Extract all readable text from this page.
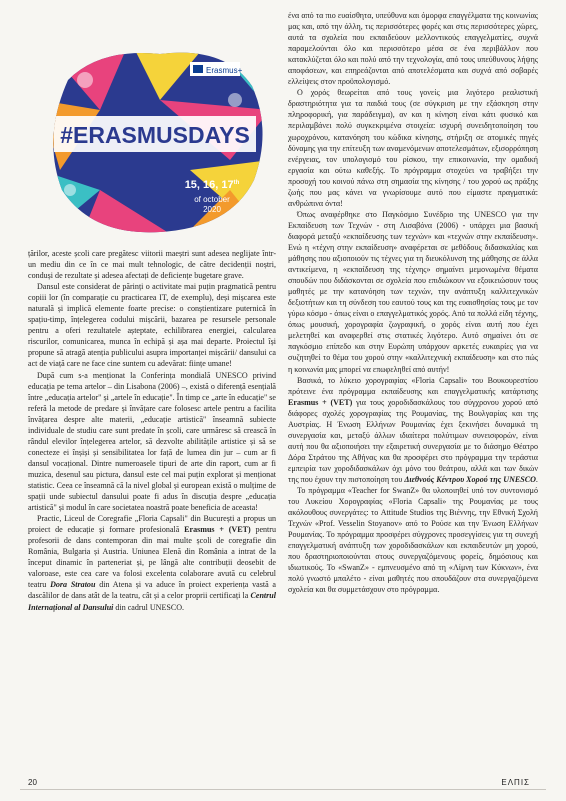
Erasmus+
#ERASMUSDAYS
15, 16, 17th
of october
2020

țărilor, aceste școli care pregătesc viitorii maeștri sunt adesea neglijate într-un mediu din ce în ce mai mult tehnologic, de către decidenții noștri, conduși de rezultate și adesea afectați de deficiențe bugetare grave.

Dansul este considerat de părinți o activitate mai puțin pragmatică pentru copiii lor (în comparație cu practicarea IT, de exemplu), deși mișcarea este naturală și implică elemente foarte precise: o conștientizare puternică în spațiu-timp, înțelegerea codului mișcării, bazarea pe resursele personale pentru a oferi rezultatele așteptate, echilibrarea energiei, calcularea riscurilor, comunicarea, munca în echipă și așa mai departe. Proiectul își propune să atragă atenția publicului asupra importanței mișcării/ dansului ca act de viață care ne face cine suntem cu adevărat: ființe umane!

După cum s-a menționat la Conferința mondială UNESCO privind educația pe tema artelor – din Lisabona (2006) –, există o diferență esențială între „educația artelor" și „artele în educație". În timp ce „arte în educație" se referă la metode de predare și învățare care folosesc artele pentru a facilita învățarea despre alte materii, „educație artistică" înseamnă subiecte individuale de studiu care sunt predate în școli, care urmăresc să crească în rândul elevilor înțelegerea artelor, să dezvolte abilitățile artistice și să se conecteze ei înșiși și sensibilitatea lor față de lumea din jur – cum ar fi dansul vocațional. Dintre numeroasele tipuri de arte din raport, cum ar fi muzica, desenul sau pictura, dansul este cel mai puțin explorat și menționat statistic. Ceea ce înseamnă că la nivel global și european există o mulțime de spații unde subiectul dansului poate fi adus în discuția despre „educația artistică" și modul în care societatea noastră poate beneficia de aceasta!

Practic, Liceul de Coregrafie „Floria Capsali" din București a propus un proiect de educație și formare profesională Erasmus + (VET) pentru profesorii de dans contemporan din mai multe școli de coregrafie din România, Bulgaria și Austria. Uniunea Elenă din România a intrat de la început dinamic în parteneriat și, pe lângă alte contribuții deosebit de valoroase, este cea care va folosi excelenta colaborare avută cu celebrul teatru Dora Stratou din Atena și va aduce în proiect experiența vastă a dascălilor de dans atât de la teatru, cât și a celor proprii certificați la Centrul Internațional al Dansului din cadrul UNESCO.

ένα από τα πιο ευαίσθητα, υπεύθυνα και όμορφα επαγγέλματα της κοινωνίας μας και, από την άλλη, τις περισσότερες φορές και στις περισσότερες χώρες, αυτά τα σχολεία που εκπαιδεύουν μελλοντικούς επαγγελματίες, συχνά παραμελούνται όλο και περισσότερο μέσα σε ένα περιβάλλον που κατακλύζεται όλο και πολύ από την τεχνολογία, από τους υπεύθυνους λήψης αποφάσεων, και επηρεάζονται από αποτελέσματα και συχνά από σοβαρές ελλείψεις στον προϋπολογισμό.

Ο χορός θεωρείται από τους γονείς μια λιγότερο ρεαλιστική δραστηριότητα για τα παιδιά τους (σε σύγκριση με την εξάσκηση στην πληροφορική, για παράδειγμα), αν και η κίνηση είναι κάτι φυσικό και περιλαμβάνει πολύ συγκεκριμένα στοιχεία: ισχυρή συνειδητοποίηση του χωροχρόνου, κατανόηση του κώδικα κίνησης, στήριξη σε ατομικές πηγές δύναμης για την επίτευξη των αναμενόμενων αποτελεσμάτων, εξισορρόπηση ενέργειας, τον υπολογισμό του ρίσκου, την επικοινωνία, την ομαδική εργασία και ούτω καθεξής. Το πρόγραμμα στοχεύει να τραβήξει την προσοχή του κοινού πάνω στη σημασία της κίνησης / του χορού ως πράξης ζωής που μας κάνει να γνωρίσουμε αυτό που είμαστε πραγματικά: ανθρώπινα όντα!

Όπως αναφέρθηκε στο Παγκόσμιο Συνέδριο της UNESCO για την Εκπαίδευση των Τεχνών - στη Λισαβόνα (2006) - υπάρχει μια βασική διαφορά μεταξύ «εκπαίδευσης των τεχνών» και «τεχνών στην εκπαίδευση». Ενώ η «τέχνη στην εκπαίδευση» αναφέρεται σε μεθόδους διδασκαλίας και μάθησης που αξιοποιούν τις τέχνες για τη διευκόλυνση της μάθησης σε άλλα αντικείμενα, η «εκπαίδευση της τέχνης» σημαίνει μεμονωμένα θέματα σπουδών που διδάσκονται σε σχολεία που επιδιώκουν να εξοικειώσουν τους μαθητές με την κατανόηση των τεχνών, την ανάπτυξη καλλιτεχνικών δεξιοτήτων και τη σύνδεση του εαυτού τους και της ευαισθησίας τους με τον γύρω κόσμο - όπως είναι ο επαγγελματικός χορός. Από τα πολλά είδη τέχνης, όπως μουσική, χορογραφία ζωγραφική, ο χορός είναι αυτή που έχει μελετηθεί και αναφερθεί στις στατικές λιγότερο. Αυτό σημαίνει ότι σε παγκόσμιο επίπεδο και στην Ευρώπη υπάρχουν αρκετές ευκαιρίες για να συζητηθεί το θέμα του χορού στην «καλλιτεχνική εκπαίδευση» και στο πώς η κοινωνία μας μπορεί να επωφεληθεί από αυτήν!

Βασικά, το λύκειο χορογραφίας «Floria Capsali» του Βουκουρεστίου πρότεινε ένα πρόγραμμα εκπαίδευσης και επαγγελματικής κατάρτισης Erasmus + (VET) για τους χοροδιδασκάλους του σύγχρονου χορού από διάφορες σχολές χορογραφίας της Ρουμανίας, της Βουλγαρίας και της Αυστρίας. Η Ένωση Ελλήνων Ρουμανίας έχει ξεκινήσει δυναμικά τη συνεργασία και, μεταξύ άλλων ιδιαίτερα πολύτιμων συνεισφορών, είναι αυτή που θα αξιοποιήσει την εξαιρετική συνεργασία με το διάσημο Θέατρο Δόρα Στράτου της Αθήνας και θα προσφέρει στο πρόγραμμα την τεράστια εμπειρία των χοροδιδασκάλων όχι μόνο του θεάτρου, αλλά και των δικών της που έχουν την πιστοποίηση του Διεθνούς Κέντρου Χορού της UNESCO.

Το πρόγραμμα «Teacher for SwanZ» θα υλοποιηθεί υπό τον συντονισμό του Λυκείου Χορογραφίας «Floria Capsali» της Ρουμανίας με τους ακόλουθους συνεργάτες: το Attitude Studios της Βιέννης, την Εθνική Σχολή Τεχνών «Prof. Vesselin Stoyanov» από το Ρούσε και την Ένωση Ελλήνων Ρουμανίας. Το πρόγραμμα προσφέρει σύγχρονες προσεγγίσεις για τη συνεχή επαγγελματική ανάπτυξη των χοροδιδασκάλων και εκπαιδευτών μη χορού, που δραστηριοποιούνται στους συνεργαζόμενους φορείς, δημόσιους και ιδιωτικούς. Το «SwanZ» - εμπνευσμένο από τη «Λίμνη των Κύκνων», ένα πολύ γνωστό μπαλέτο - είναι μαθητές που σπουδάζουν στα συνεργαζόμενα σχολεία και θα συμμετάσχουν στο πρόγραμμα.

20	ΕΛΠΙΣ
